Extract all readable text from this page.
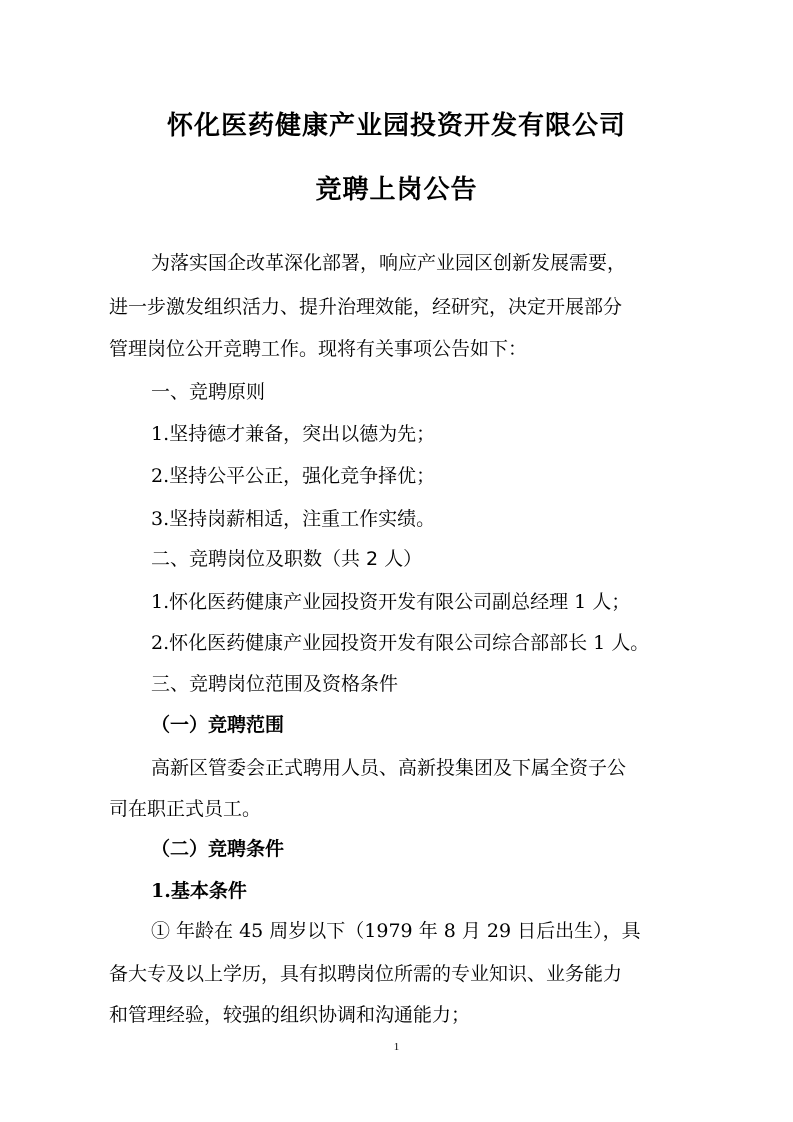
怀化医药健康产业园投资开发有限公司
竞聘上岗公告
为落实国企改革深化部署，响应产业园区创新发展需要，
进一步激发组织活力、提升治理效能，经研究，决定开展部分
管理岗位公开竞聘工作。现将有关事项公告如下：
一、竞聘原则
1.坚持德才兼备，突出以德为先；
2.坚持公平公正，强化竞争择优；
3.坚持岗薪相适，注重工作实绩。
二、竞聘岗位及职数（共 2 人）
1.怀化医药健康产业园投资开发有限公司副总经理 1 人；
2.怀化医药健康产业园投资开发有限公司综合部部长 1 人。
三、竞聘岗位范围及资格条件
（一）竞聘范围
高新区管委会正式聘用人员、高新投集团及下属全资子公
司在职正式员工。
（二）竞聘条件
1.基本条件
① 年龄在 45 周岁以下（1979 年 8 月 29 日后出生），具
备大专及以上学历，具有拟聘岗位所需的专业知识、业务能力
和管理经验，较强的组织协调和沟通能力；
1
